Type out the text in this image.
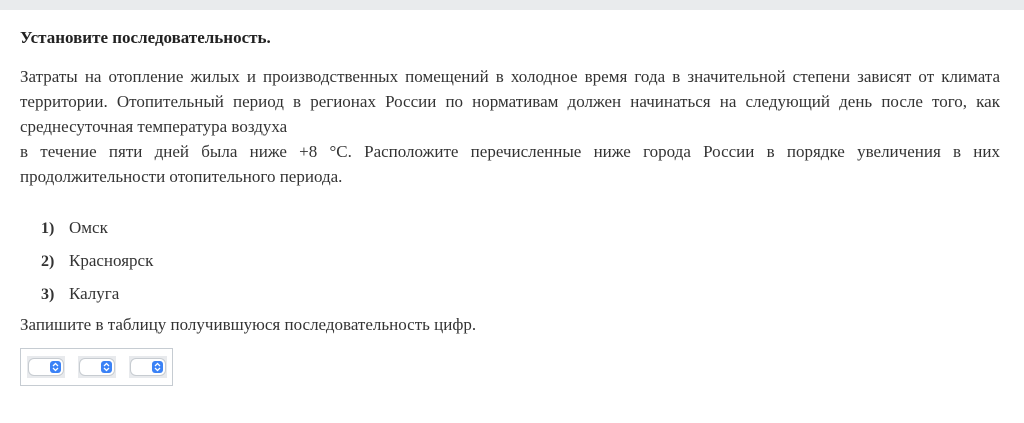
Установите последовательность.

Затраты на отопление жилых и производственных помещений в холодное время года в значительной степени зависят от климата территории. Отопительный период в регионах России по нормативам должен начинаться на следующий день после того, как среднесуточная температура воздуха
в течение пяти дней была ниже +8 °C. Расположите перечисленные ниже города России в порядке увеличения в них продолжительности отопительного периода.
1) Омск
2) Красноярск
3) Калуга

Запишите в таблицу получившуюся последовательность цифр.
